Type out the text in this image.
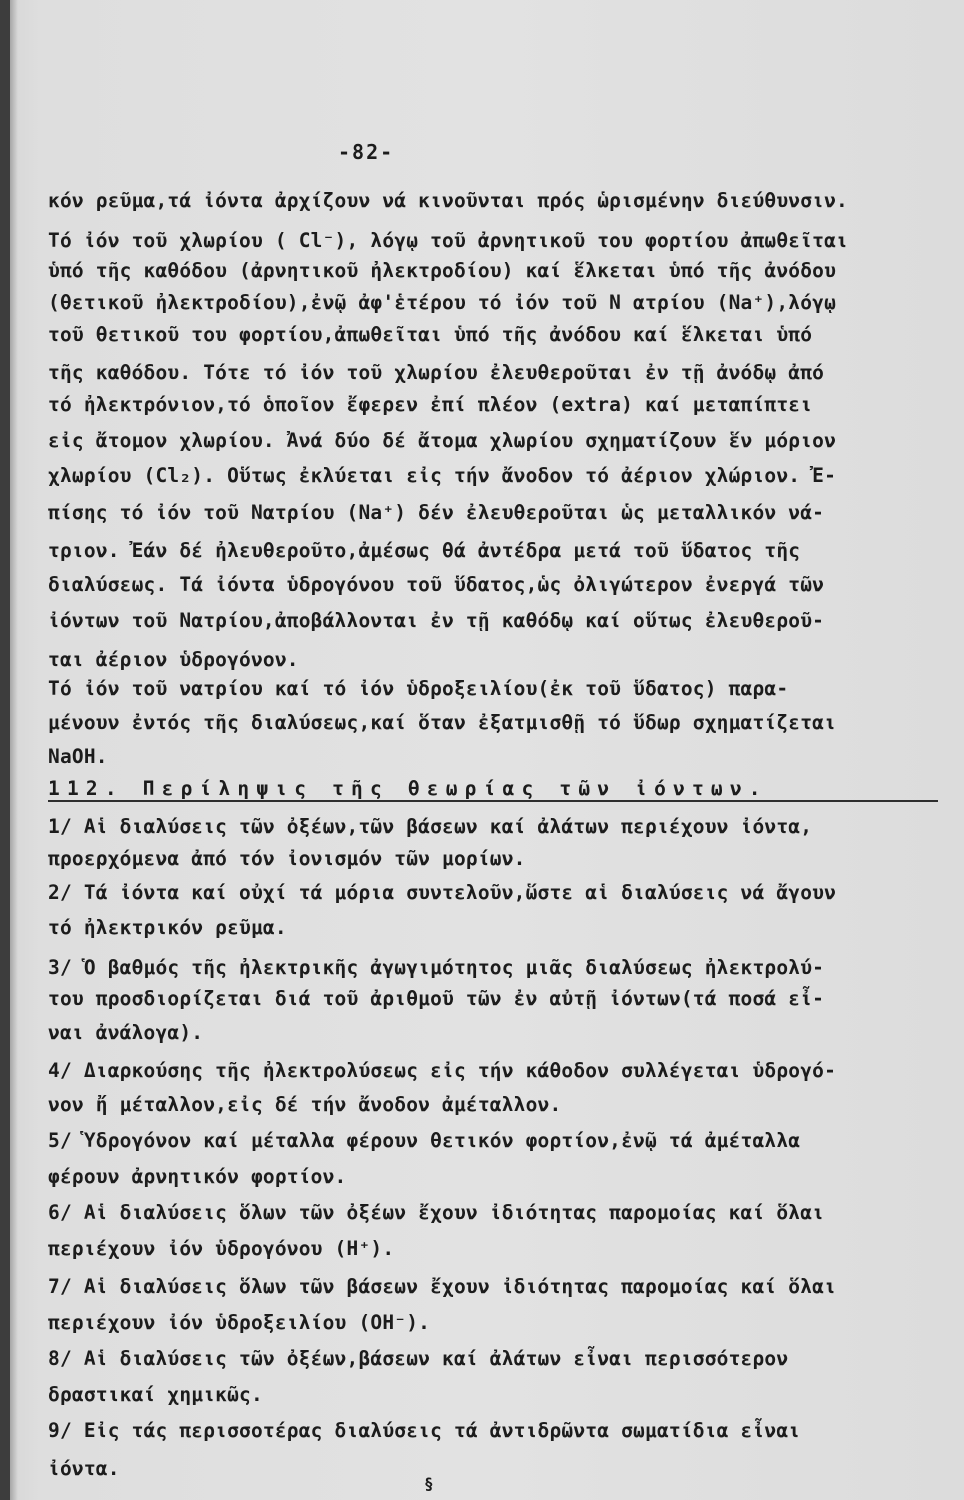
-82-
κόν ρεῦμα,τά ἰόντα ἀρχίζουν νά κινοῦνται πρός ὡρισμένην διεύθυνσιν.
Τό ἰόν τοῦ χλωρίου ( Cl⁻), λόγῳ τοῦ ἀρνητικοῦ του φορτίου ἀπωθεῖται
ὑπό τῆς καθόδου (ἀρνητικοῦ ἠλεκτροδίου) καί ἕλκεται ὑπό τῆς ἀνόδου
(θετικοῦ ἠλεκτροδίου),ἐνῷ ἀφ'ἑτέρου τό ἰόν τοῦ Ν ατρίου (Na⁺),λόγῳ
τοῦ θετικοῦ του φορτίου,ἀπωθεῖται ὑπό τῆς ἀνόδου καί ἕλκεται ὑπό
τῆς καθόδου. Τότε τό ἰόν τοῦ χλωρίου ἐλευθεροῦται ἐν τῇ ἀνόδῳ ἀπό
τό ἠλεκτρόνιον,τό ὁποῖον ἔφερεν ἐπί πλέον (extra) καί μεταπίπτει
εἰς ἄτομον χλωρίου. Ἀνά δύο δέ ἄτομα χλωρίου σχηματίζουν ἕν μόριον
χλωρίου (Cl₂). Οὕτως ἐκλύεται εἰς τήν ἄνοδον τό ἀέριον χλώριον. Ἐ-
πίσης τό ἰόν τοῦ Νατρίου (Na⁺) δέν ἐλευθεροῦται ὡς μεταλλικόν νά-
τριον. Ἐάν δέ ἠλευθεροῦτο,ἀμέσως θά ἀντέδρα μετά τοῦ ὕδατος τῆς
διαλύσεως. Τά ἰόντα ὑδρογόνου τοῦ ὕδατος,ὡς ὀλιγώτερον ἐνεργά τῶν
ἰόντων τοῦ Νατρίου,ἀποβάλλονται ἐν τῇ καθόδῳ καί οὕτως ἐλευθεροῦ-
ται ἀέριον ὑδρογόνον.
Τό ἰόν τοῦ νατρίου καί τό ἰόν ὑδροξειλίου(ἐκ τοῦ ὕδατος) παρα-
μένουν ἐντός τῆς διαλύσεως,καί ὅταν ἐξατμισθῇ τό ὕδωρ σχηματίζεται
NaOH.
112. Περίληψις τῆς θεωρίας τῶν ἰόντων.
1/ Αἱ διαλύσεις τῶν ὀξέων,τῶν βάσεων καί ἀλάτων περιέχουν ἰόντα,
προερχόμενα ἀπό τόν ἰονισμόν τῶν μορίων.
2/ Τά ἰόντα καί οὐχί τά μόρια συντελοῦν,ὥστε αἱ διαλύσεις νά ἄγουν
τό ἠλεκτρικόν ρεῦμα.
3/ Ὁ βαθμός τῆς ἠλεκτρικῆς ἀγωγιμότητος μιᾶς διαλύσεως ἠλεκτρολύ-
του προσδιορίζεται διά τοῦ ἀριθμοῦ τῶν ἐν αὐτῇ ἰόντων(τά ποσά εἶ-
ναι ἀνάλογα).
4/ Διαρκούσης τῆς ἠλεκτρολύσεως εἰς τήν κάθοδον συλλέγεται ὑδρογό-
νον ἤ μέταλλον,εἰς δέ τήν ἄνοδον ἀμέταλλον.
5/ Ὑδρογόνον καί μέταλλα φέρουν θετικόν φορτίον,ἐνῷ τά ἀμέταλλα
φέρουν ἀρνητικόν φορτίον.
6/ Αἱ διαλύσεις ὅλων τῶν ὀξέων ἔχουν ἰδιότητας παρομοίας καί ὅλαι
περιέχουν ἰόν ὑδρογόνου (H⁺).
7/ Αἱ διαλύσεις ὅλων τῶν βάσεων ἔχουν ἰδιότητας παρομοίας καί ὅλαι
περιέχουν ἰόν ὑδροξειλίου (OH⁻).
8/ Αἱ διαλύσεις τῶν ὀξέων,βάσεων καί ἀλάτων εἶναι περισσότερον
δραστικαί χημικῶς.
9/ Εἰς τάς περισσοτέρας διαλύσεις τά ἀντιδρῶντα σωματίδια εἶναι
ἰόντα.
§
